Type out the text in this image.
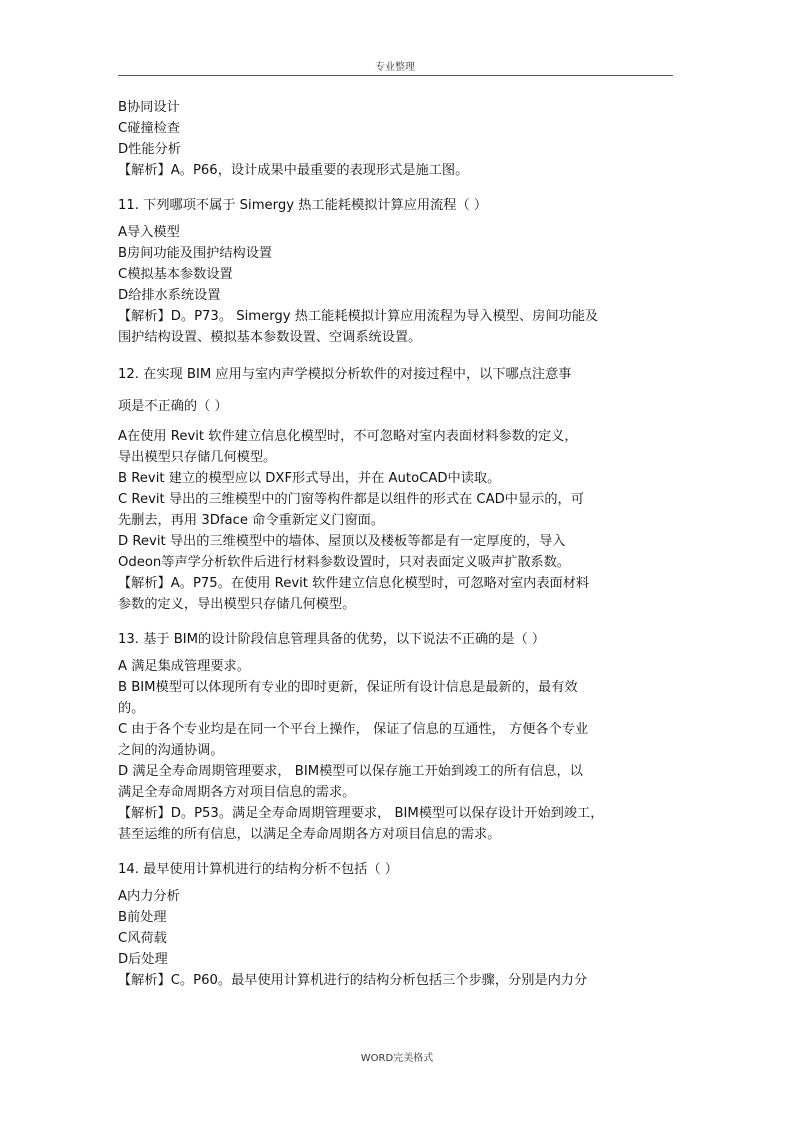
专业整理
B协同设计
C碰撞检查
D性能分析
【解析】A。P66，设计成果中最重要的表现形式是施工图。
11. 下列哪项不属于 Simergy 热工能耗模拟计算应用流程（ ）
A导入模型
B房间功能及围护结构设置
C模拟基本参数设置
D给排水系统设置
【解析】D。P73。 Simergy 热工能耗模拟计算应用流程为导入模型、房间功能及
围护结构设置、模拟基本参数设置、空调系统设置。
12. 在实现 BIM 应用与室内声学模拟分析软件的对接过程中，以下哪点注意事
项是不正确的（ ）
A在使用 Revit 软件建立信息化模型时，不可忽略对室内表面材料参数的定义，
导出模型只存储几何模型。
B Revit 建立的模型应以 DXF形式导出，并在 AutoCAD中读取。
C Revit 导出的三维模型中的门窗等构件都是以组件的形式在 CAD中显示的，可
先删去，再用 3Dface 命令重新定义门窗面。
D Revit 导出的三维模型中的墙体、屋顶以及楼板等都是有一定厚度的，导入
Odeon等声学分析软件后进行材料参数设置时，只对表面定义吸声扩散系数。
【解析】A。P75。在使用 Revit 软件建立信息化模型时，可忽略对室内表面材料
参数的定义，导出模型只存储几何模型。
13. 基于 BIM的设计阶段信息管理具备的优势，以下说法不正确的是（ ）
A 满足集成管理要求。
B BIM模型可以体现所有专业的即时更新，保证所有设计信息是最新的，最有效
的。
C 由于各个专业均是在同一个平台上操作， 保证了信息的互通性， 方便各个专业
之间的沟通协调。
D 满足全寿命周期管理要求， BIM模型可以保存施工开始到竣工的所有信息，以
满足全寿命周期各方对项目信息的需求。
【解析】D。P53。满足全寿命周期管理要求， BIM模型可以保存设计开始到竣工，
甚至运维的所有信息，以满足全寿命周期各方对项目信息的需求。
14. 最早使用计算机进行的结构分析不包括（ ）
A内力分析
B前处理
C风荷载
D后处理
【解析】C。P60。最早使用计算机进行的结构分析包括三个步骤，分别是内力分
WORD完美格式
